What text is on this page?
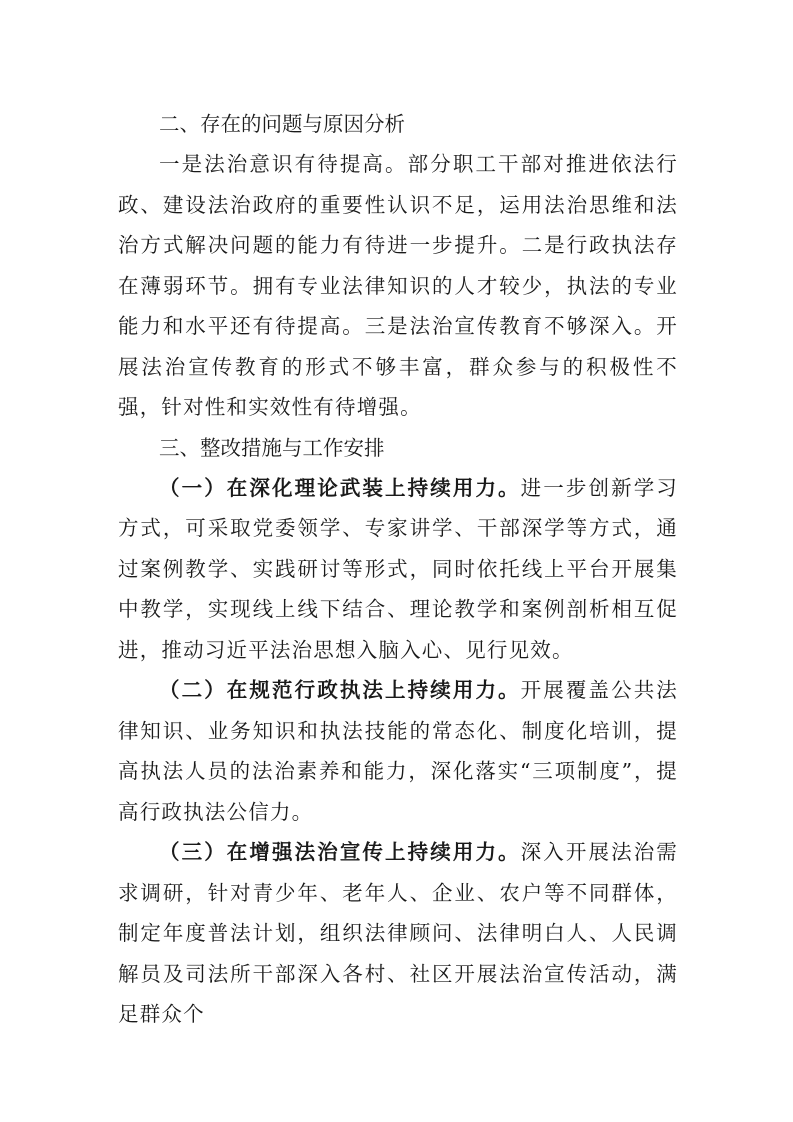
二、存在的问题与原因分析

一是法治意识有待提高。部分职工干部对推进依法行政、建设法治政府的重要性认识不足，运用法治思维和法治方式解决问题的能力有待进一步提升。二是行政执法存在薄弱环节。拥有专业法律知识的人才较少，执法的专业能力和水平还有待提高。三是法治宣传教育不够深入。开展法治宣传教育的形式不够丰富，群众参与的积极性不强，针对性和实效性有待增强。

三、整改措施与工作安排

（一）在深化理论武装上持续用力。进一步创新学习方式，可采取党委领学、专家讲学、干部深学等方式，通过案例教学、实践研讨等形式，同时依托线上平台开展集中教学，实现线上线下结合、理论教学和案例剖析相互促进，推动习近平法治思想入脑入心、见行见效。

（二）在规范行政执法上持续用力。开展覆盖公共法律知识、业务知识和执法技能的常态化、制度化培训，提高执法人员的法治素养和能力，深化落实“三项制度”，提高行政执法公信力。

（三）在增强法治宣传上持续用力。深入开展法治需求调研，针对青少年、老年人、企业、农户等不同群体，制定年度普法计划，组织法律顾问、法律明白人、人民调解员及司法所干部深入各村、社区开展法治宣传活动，满足群众个
